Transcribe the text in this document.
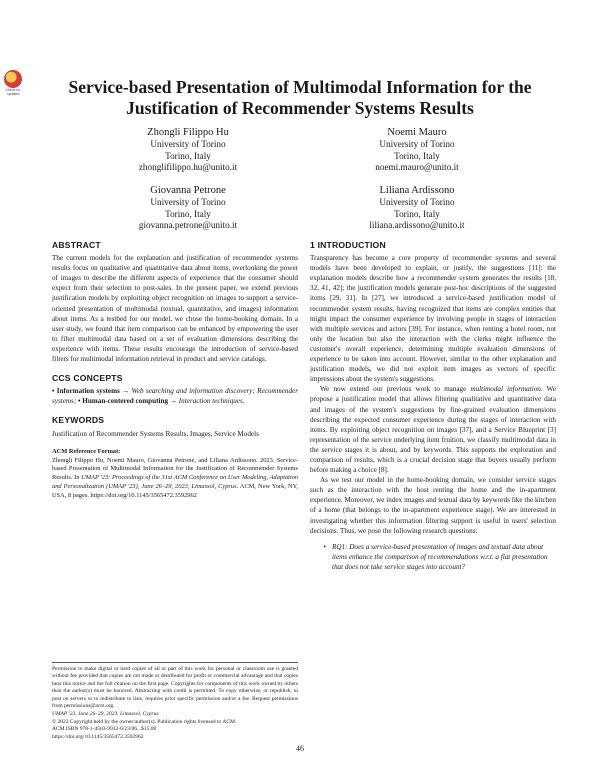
Check for
updates	Service-based Presentation of Multimodal Information for the
Justification of Recommender Systems Results
Zhongli Filippo Hu
University of Torino
Torino, Italy
zhonglifilippo.hu@unito.it
Noemi Mauro
University of Torino
Torino, Italy
noemi.mauro@unito.it
Giovanna Petrone
University of Torino
Torino, Italy
giovanna.petrone@unito.it
Liliana Ardissono
University of Torino
Torino, Italy
liliana.ardissono@unito.it
ABSTRACT

The current models for the explanation and justification of recommender systems results focus on qualitative and quantitative data about items, overlooking the power of images to describe the different aspects of experience that the consumer should expect from their selection to post-sales. In the present paper, we extend previous justification models by exploiting object recognition on images to support a service-oriented presentation of multimodal (textual, quantitative, and images) information about items. As a testbed for our model, we chose the home-booking domain. In a user study, we found that item comparison can be enhanced by empowering the user to filter multimodal data based on a set of evaluation dimensions describing the experience with items. These results encourage the introduction of service-based filters for multimodal information retrieval in product and service catalogs.

CCS CONCEPTS

• Information systems → Web searching and information discovery; Recommender systems; • Human-centered computing → Interaction techniques.

KEYWORDS

Justification of Recommender Systems Results, Images, Service Models

ACM Reference Format:

Zhongli Filippo Hu, Noemi Mauro, Giovanna Petrone, and Liliana Ardissono. 2023. Service-based Presentation of Multimodal Information for the Justification of Recommender Systems Results. In UMAP '23: Proceedings of the 31st ACM Conference on User Modeling, Adaptation and Personalization (UMAP '23), June 26–29, 2023, Limassol, Cyprus. ACM, New York, NY, USA, 8 pages. https://doi.org/10.1145/3565472.3592962

Permission to make digital or hard copies of all or part of this work for personal or classroom use is granted without fee provided that copies are not made or distributed for profit or commercial advantage and that copies bear this notice and the full citation on the first page. Copyrights for components of this work owned by others than the author(s) must be honored. Abstracting with credit is permitted. To copy otherwise, or republish, to post on servers or to redistribute to lists, requires prior specific permission and/or a fee. Request permissions from permissions@acm.org.

UMAP '23, June 26–29, 2023, Limassol, Cyprus

© 2023 Copyright held by the owner/author(s). Publication rights licensed to ACM.

ACM ISBN 978-1-4503-9932-6/23/06...$15.00

https://doi.org/10.1145/3565472.3592962

1 INTRODUCTION

Transparency has become a core property of recommender systems and several models have been developed to explain, or justify, the suggestions [11]: the explanation models describe how a recommender system generates the results [18, 32, 41, 42]; the justification models generate post-hoc descriptions of the suggested items [29, 31]. In [27], we introduced a service-based justification model of recommender system results, having recognized that items are complex entities that might impact the consumer experience by involving people in stages of interaction with multiple services and actors [39]. For instance, when renting a hotel room, not only the location but also the interaction with the clerks might influence the customer's overall experience, determining multiple evaluation dimensions of experience to be taken into account. However, similar to the other explanation and justification models, we did not exploit item images as vectors of specific impressions about the system's suggestions.

We now extend our previous work to manage multimodal information. We propose a justification model that allows filtering qualitative and quantitative data and images of the system's suggestions by fine-grained evaluation dimensions describing the expected consumer experience during the stages of interaction with items. By exploiting object recognition on images [37], and a Service Blueprint [3] representation of the service underlying item fruition, we classify multimodal data in the service stages it is about, and by keywords. This supports the exploration and comparison of results, which is a crucial decision stage that buyers usually perform before making a choice [8].

As we test our model in the home-booking domain, we consider service stages such as the interaction with the host renting the home and the in-apartment experience. Moreover, we index images and textual data by keywords like the kitchen of a home (that belongs to the in-apartment experience stage). We are interested in investigating whether this information filtering support is useful in users' selection decisions. Thus, we pose the following research questions:

• RQ1: Does a service-based presentation of images and textual data about items enhance the comparison of recommendations w.r.t. a flat presentation that does not take service stages into account?
46
